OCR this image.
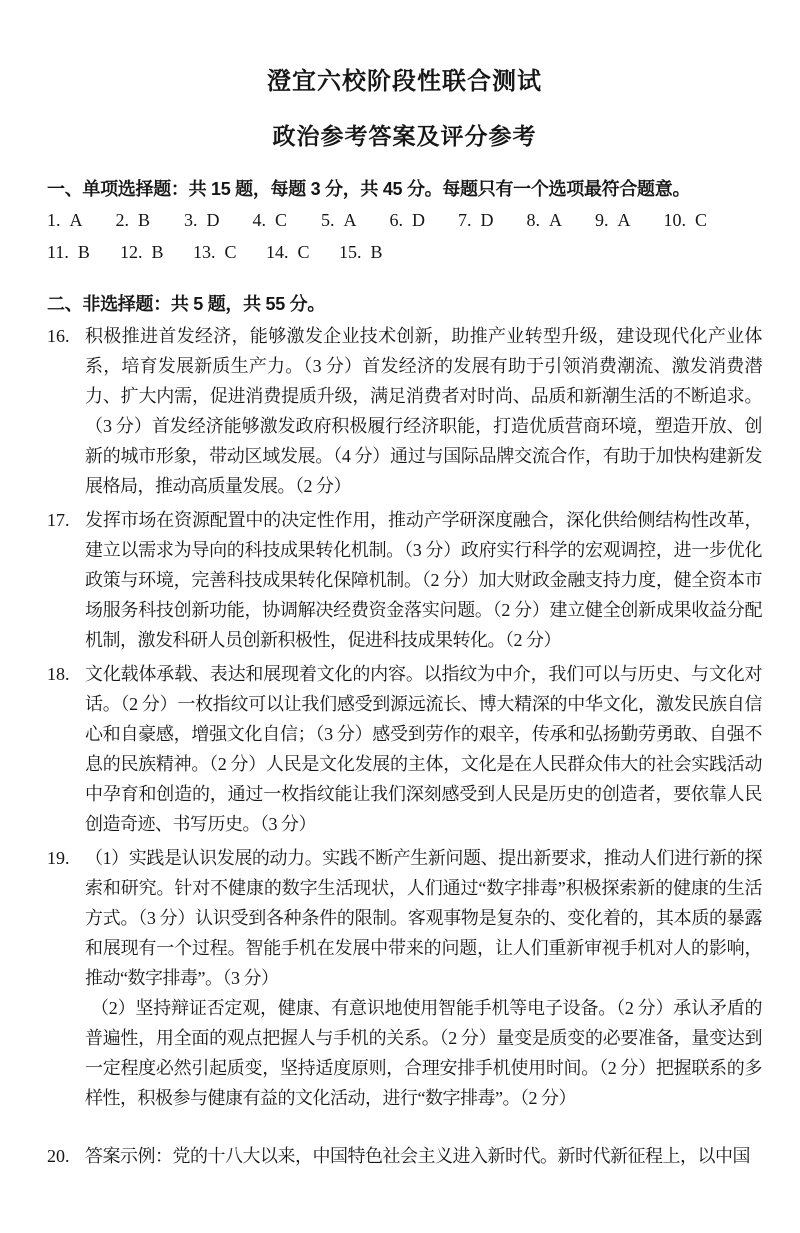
澄宜六校阶段性联合测试
政治参考答案及评分参考

一、单项选择题：共 15 题，每题 3 分，共 45 分。每题只有一个选项最符合题意。

1. A	2. B	3. D	4. C	5. A	6. D	7. D	8. A	9. A	10. C
11. B	12. B	13. C	14. C	15. B

二、非选择题：共 5 题，共 55 分。

16. 积极推进首发经济，能够激发企业技术创新，助推产业转型升级，建设现代化产业体系，培育发展新质生产力。（3 分）首发经济的发展有助于引领消费潮流、激发消费潜力、扩大内需，促进消费提质升级，满足消费者对时尚、品质和新潮生活的不断追求。（3 分）首发经济能够激发政府积极履行经济职能，打造优质营商环境，塑造开放、创新的城市形象，带动区域发展。（4 分）通过与国际品牌交流合作，有助于加快构建新发展格局，推动高质量发展。（2 分）

17. 发挥市场在资源配置中的决定性作用，推动产学研深度融合，深化供给侧结构性改革，建立以需求为导向的科技成果转化机制。（3 分）政府实行科学的宏观调控，进一步优化政策与环境，完善科技成果转化保障机制。（2 分）加大财政金融支持力度，健全资本市场服务科技创新功能，协调解决经费资金落实问题。（2 分）建立健全创新成果收益分配机制，激发科研人员创新积极性，促进科技成果转化。（2 分）

18. 文化载体承载、表达和展现着文化的内容。以指纹为中介，我们可以与历史、与文化对话。（2 分）一枚指纹可以让我们感受到源远流长、博大精深的中华文化，激发民族自信心和自豪感，增强文化自信；（3 分）感受到劳作的艰辛，传承和弘扬勤劳勇敢、自强不息的民族精神。（2 分）人民是文化发展的主体，文化是在人民群众伟大的社会实践活动中孕育和创造的，通过一枚指纹能让我们深刻感受到人民是历史的创造者，要依靠人民创造奇迹、书写历史。（3 分）

19. （1）实践是认识发展的动力。实践不断产生新问题、提出新要求，推动人们进行新的探索和研究。针对不健康的数字生活现状，人们通过“数字排毒”积极探索新的健康的生活方式。（3 分）认识受到各种条件的限制。客观事物是复杂的、变化着的，其本质的暴露和展现有一个过程。智能手机在发展中带来的问题，让人们重新审视手机对人的影响，推动“数字排毒”。（3 分）

（2）坚持辩证否定观，健康、有意识地使用智能手机等电子设备。（2 分）承认矛盾的普遍性，用全面的观点把握人与手机的关系。（2 分）量变是质变的必要准备，量变达到一定程度必然引起质变，坚持适度原则，合理安排手机使用时间。（2 分）把握联系的多样性，积极参与健康有益的文化活动，进行“数字排毒”。（2 分）

20. 答案示例：党的十八大以来，中国特色社会主义进入新时代。新时代新征程上，以中国
